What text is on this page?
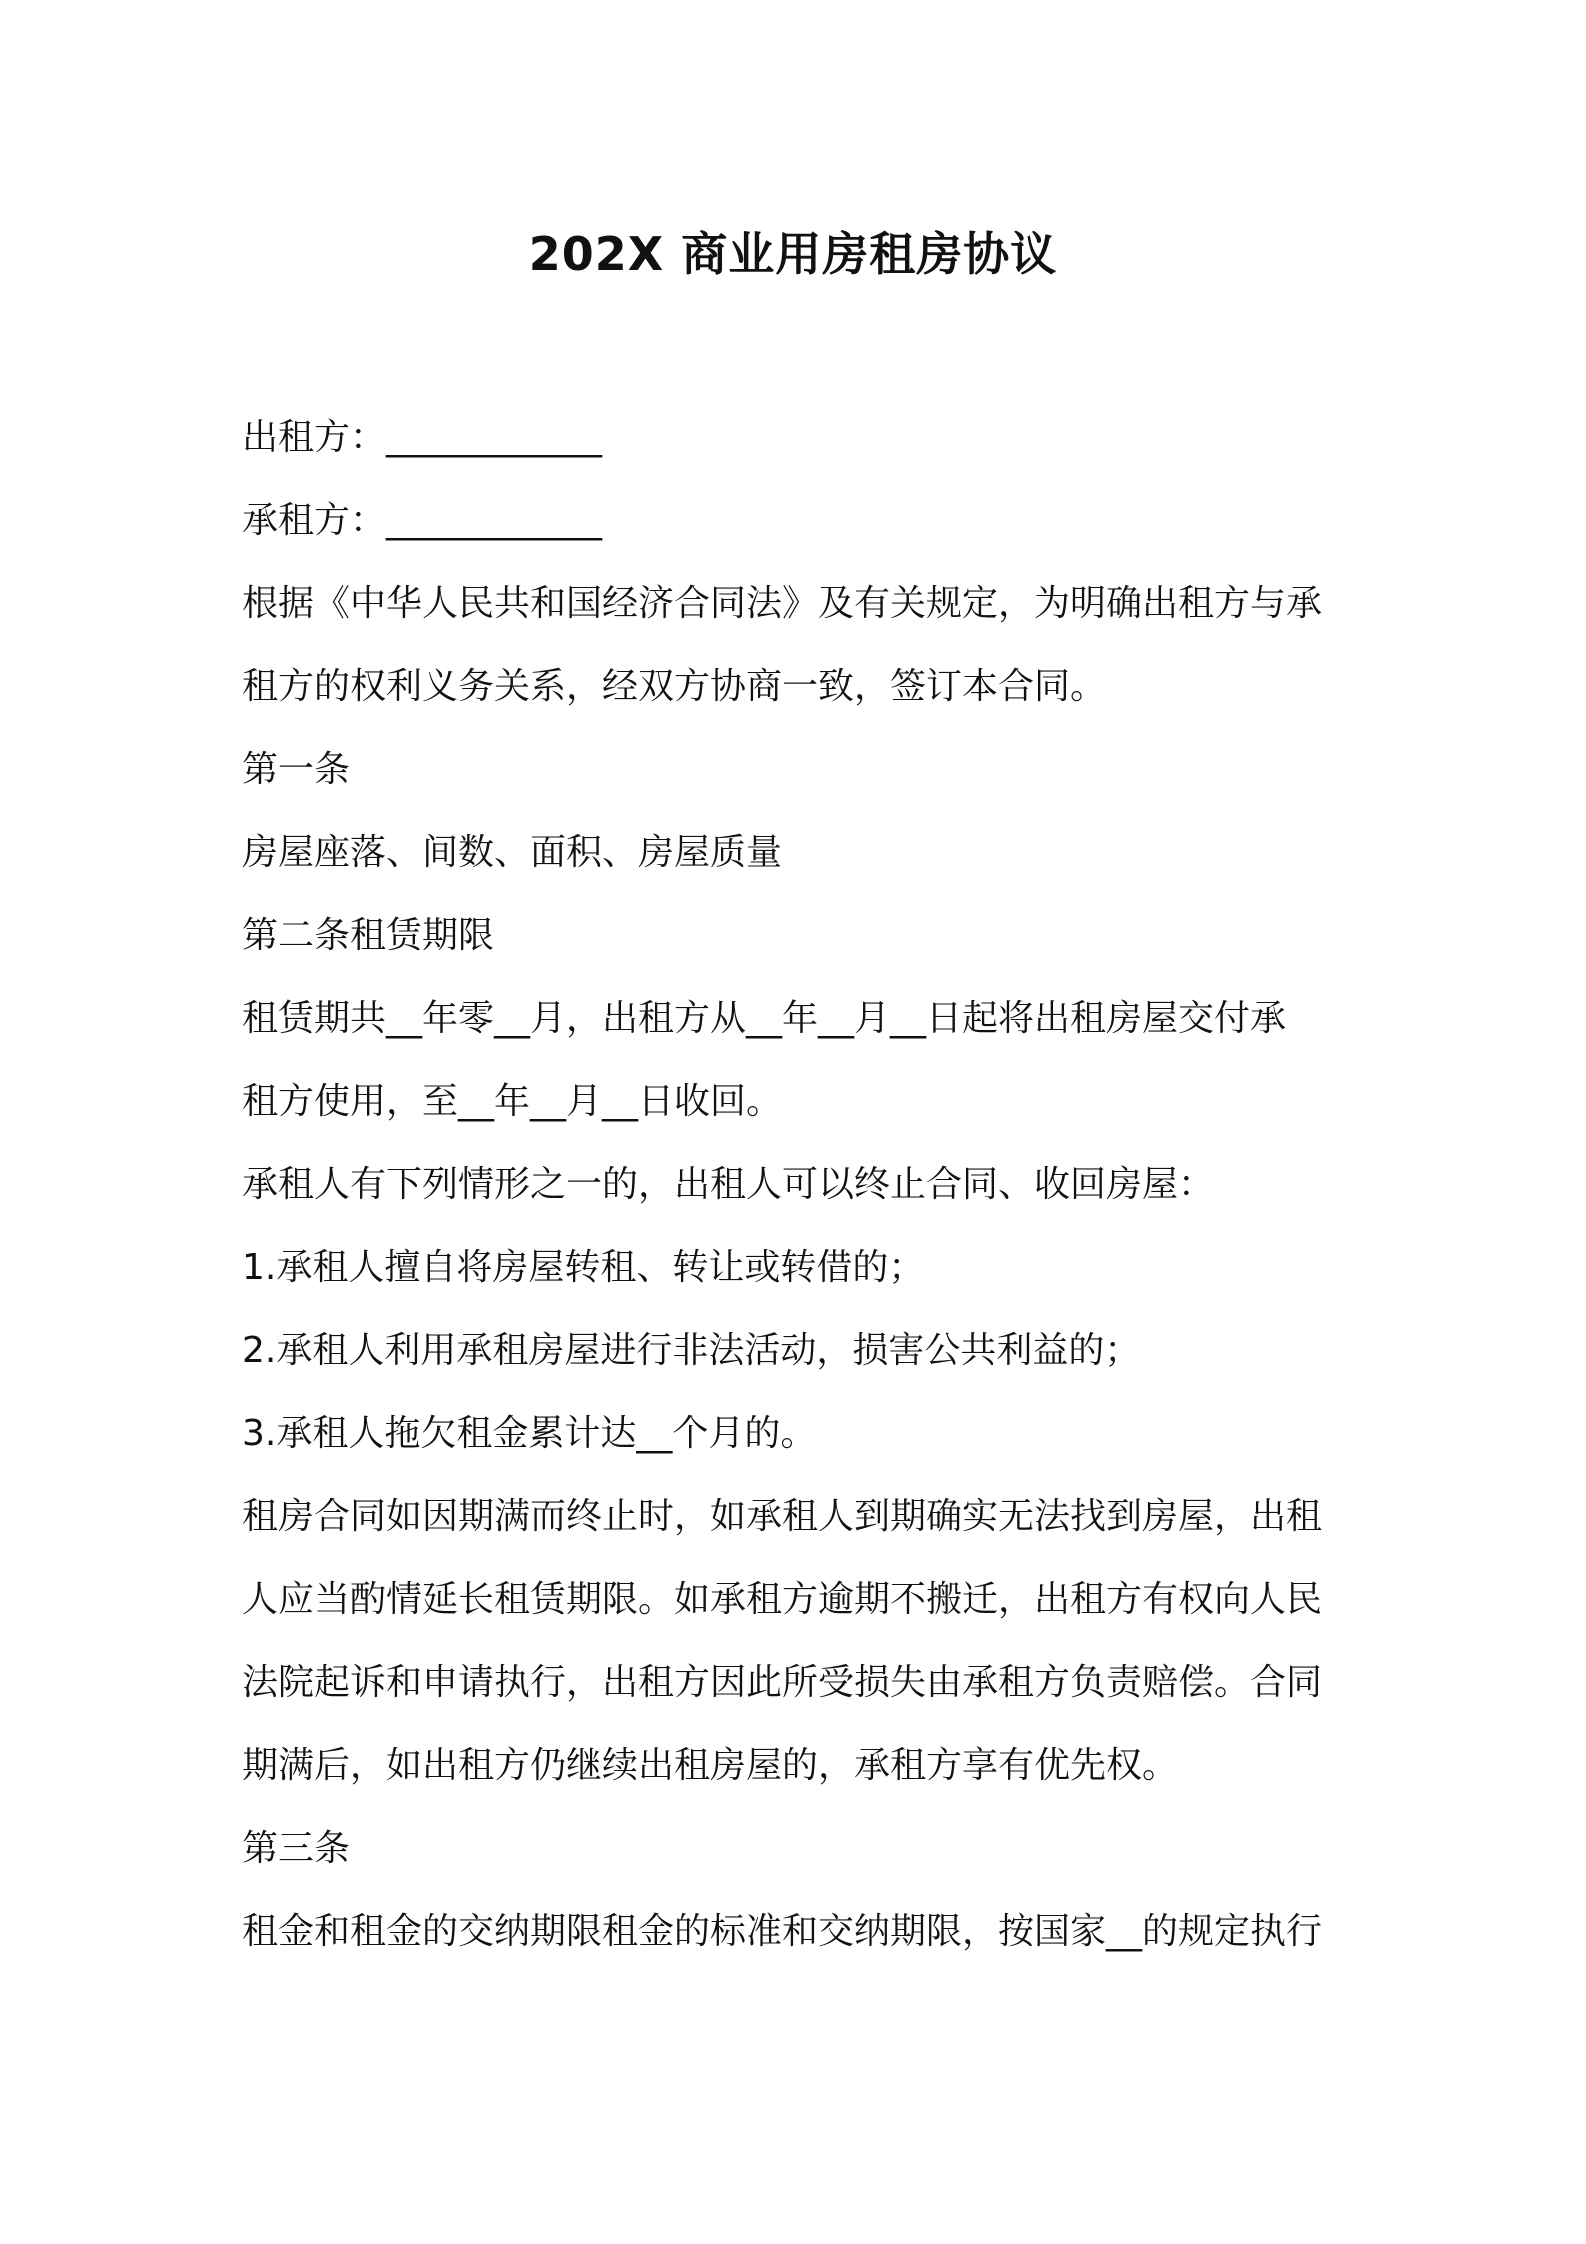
202X 商业用房租房协议
出租方：____________
承租方：____________
根据《中华人民共和国经济合同法》及有关规定，为明确出租方与承
租方的权利义务关系，经双方协商一致，签订本合同。
第一条
房屋座落、间数、面积、房屋质量
第二条租赁期限
租赁期共__年零__月，出租方从__年__月__日起将出租房屋交付承
租方使用，至__年__月__日收回。
承租人有下列情形之一的，出租人可以终止合同、收回房屋：
1.承租人擅自将房屋转租、转让或转借的；
2.承租人利用承租房屋进行非法活动，损害公共利益的；
3.承租人拖欠租金累计达__个月的。
租房合同如因期满而终止时，如承租人到期确实无法找到房屋，出租
人应当酌情延长租赁期限。如承租方逾期不搬迁，出租方有权向人民
法院起诉和申请执行，出租方因此所受损失由承租方负责赔偿。合同
期满后，如出租方仍继续出租房屋的，承租方享有优先权。
第三条
租金和租金的交纳期限租金的标准和交纳期限，按国家__的规定执行
